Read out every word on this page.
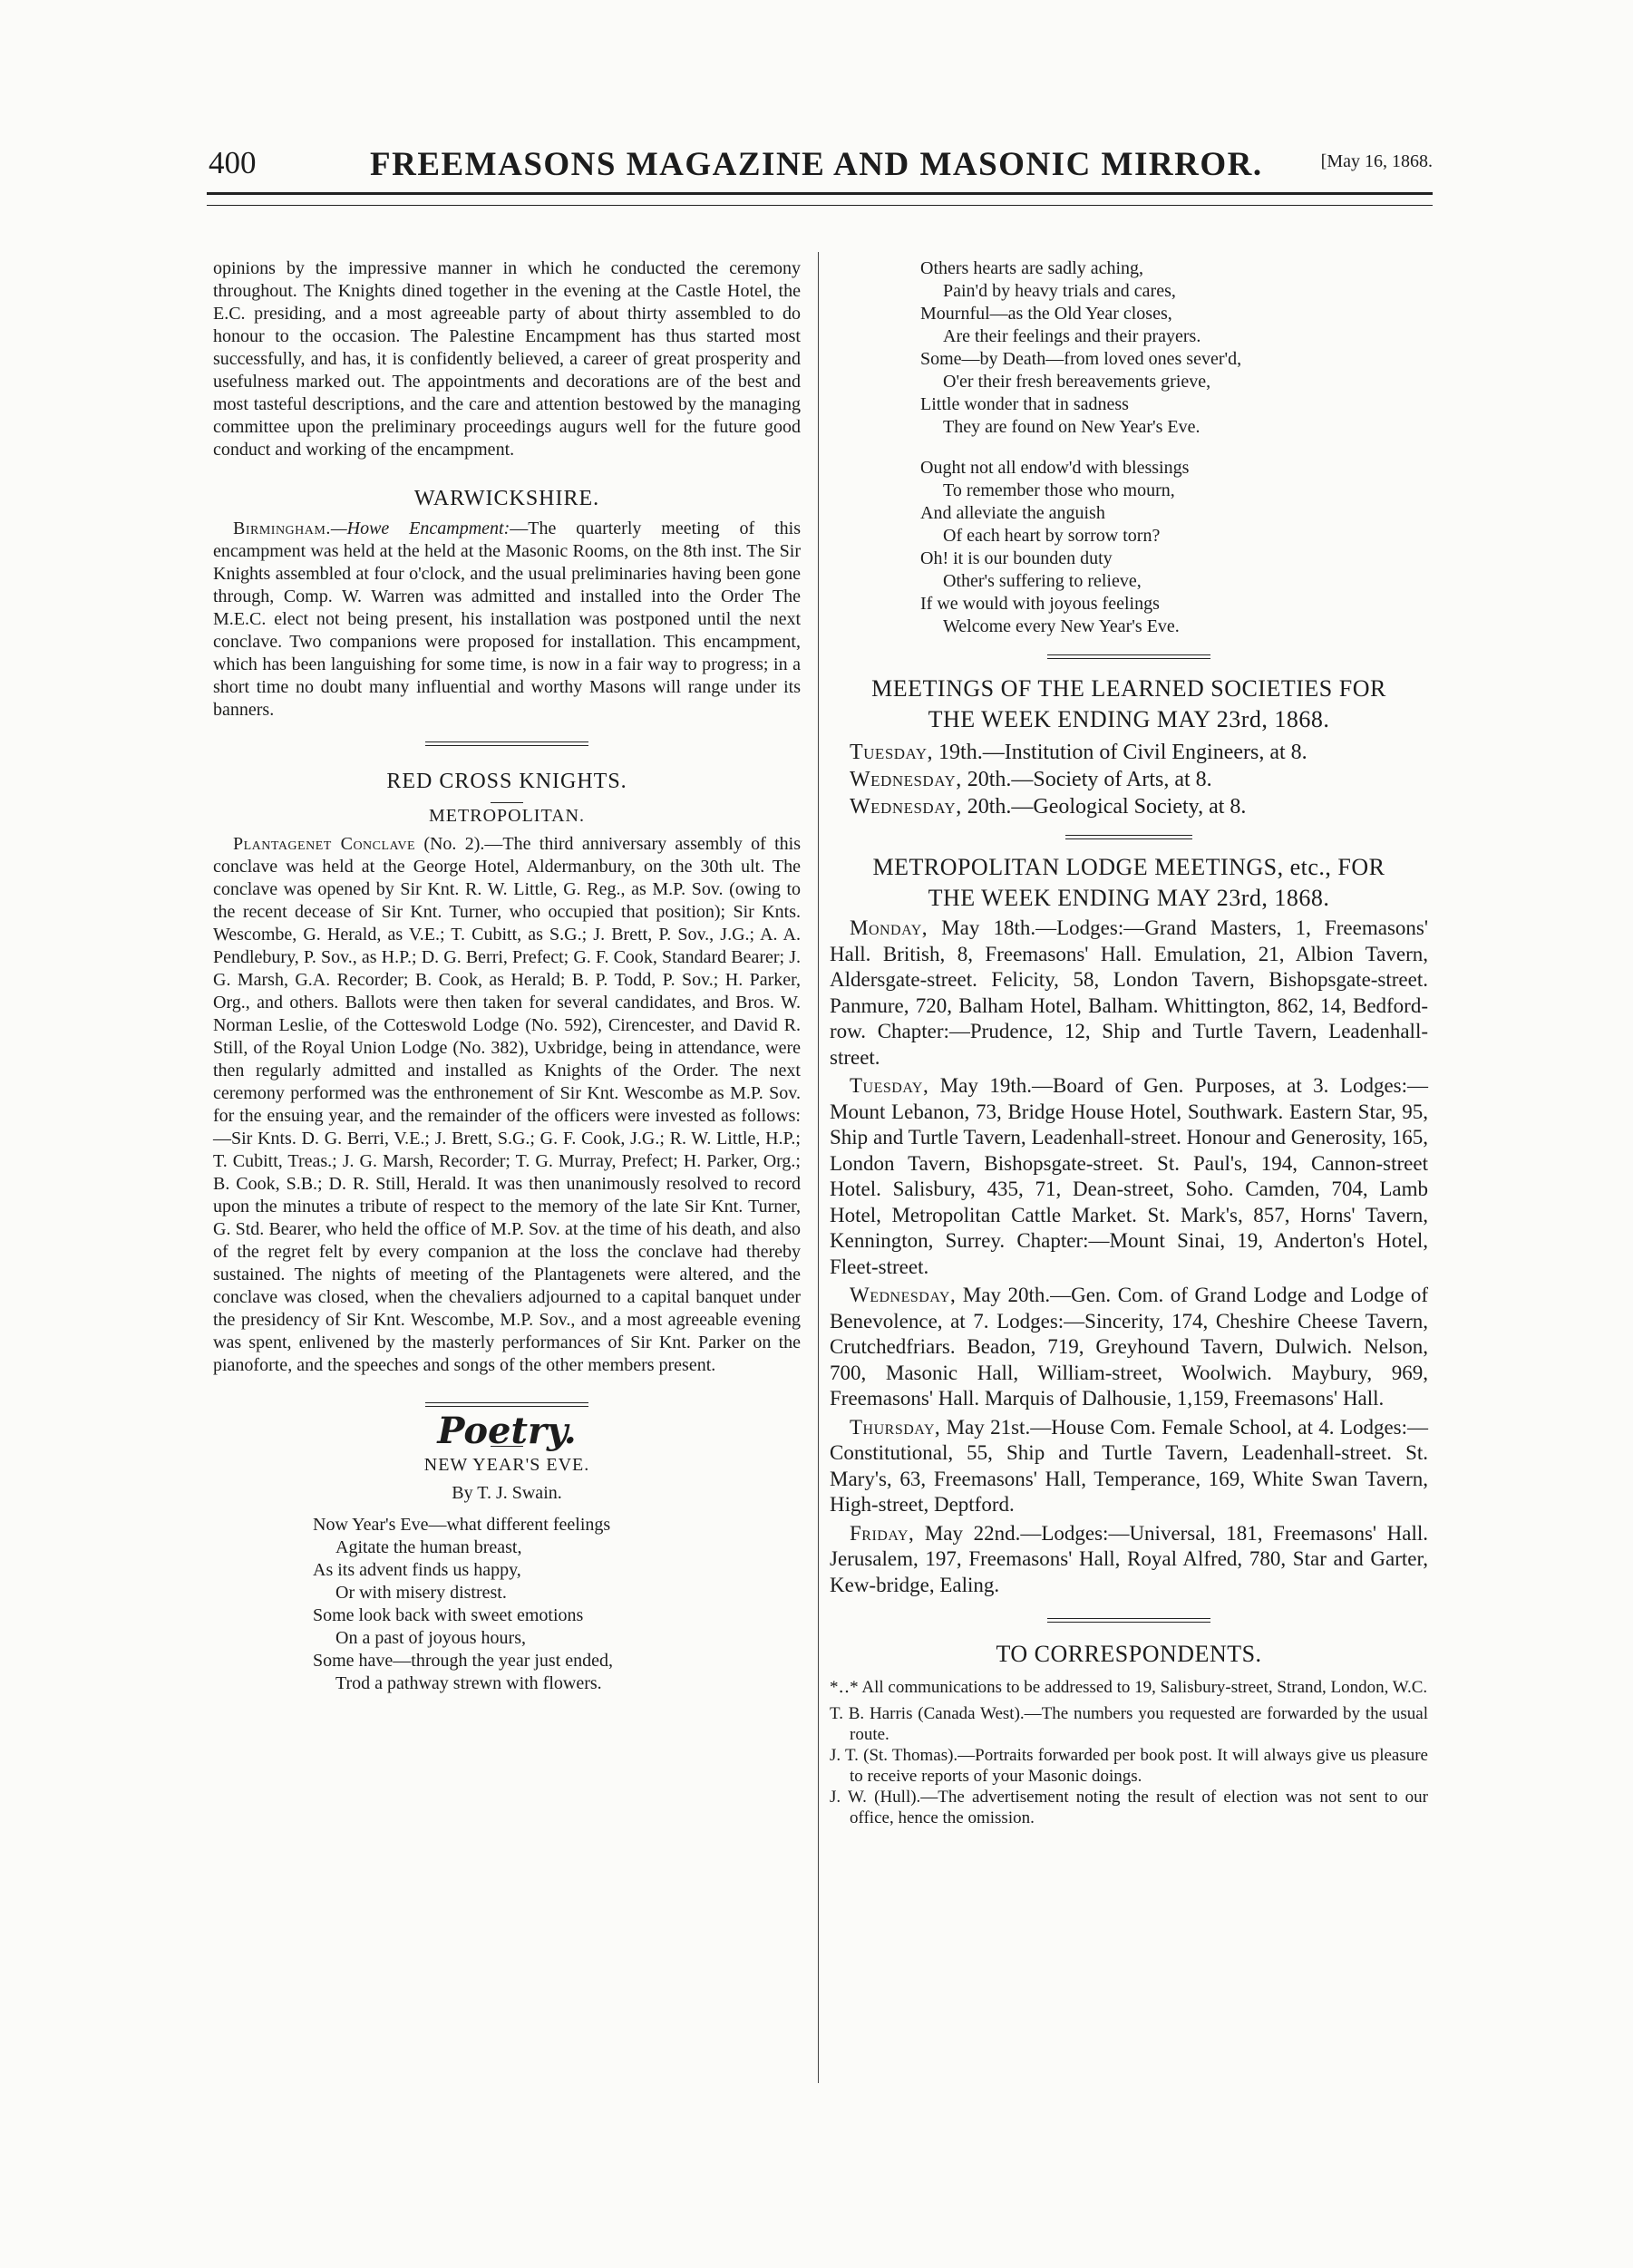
400	FREEMASONS MAGAZINE AND MASONIC MIRROR.	[May 16, 1868.

opinions by the impressive manner in which he conducted the ceremony throughout. The Knights dined together in the evening at the Castle Hotel, the E.C. presiding, and a most agreeable party of about thirty assembled to do honour to the occasion. The Palestine Encampment has thus started most successfully, and has, it is confidently believed, a career of great prosperity and usefulness marked out. The appointments and decorations are of the best and most tasteful descriptions, and the care and attention bestowed by the managing committee upon the preliminary proceedings augurs well for the future good conduct and working of the encampment.

WARWICKSHIRE.

Birmingham.—Howe Encampment:—The quarterly meeting of this encampment was held at the held at the Masonic Rooms, on the 8th inst. The Sir Knights assembled at four o'clock, and the usual preliminaries having been gone through, Comp. W. Warren was admitted and installed into the Order The M.E.C. elect not being present, his installation was postponed until the next conclave. Two companions were proposed for installation. This encampment, which has been languishing for some time, is now in a fair way to progress; in a short time no doubt many influential and worthy Masons will range under its banners.

RED CROSS KNIGHTS.

METROPOLITAN.

Plantagenet Conclave (No. 2).—The third anniversary assembly of this conclave was held at the George Hotel, Aldermanbury, on the 30th ult. The conclave was opened by Sir Knt. R. W. Little, G. Reg., as M.P. Sov. (owing to the recent decease of Sir Knt. Turner, who occupied that position); Sir Knts. Wescombe, G. Herald, as V.E.; T. Cubitt, as S.G.; J. Brett, P. Sov., J.G.; A. A. Pendlebury, P. Sov., as H.P.; D. G. Berri, Prefect; G. F. Cook, Standard Bearer; J. G. Marsh, G.A. Recorder; B. Cook, as Herald; B. P. Todd, P. Sov.; H. Parker, Org., and others. Ballots were then taken for several candidates, and Bros. W. Norman Leslie, of the Cotteswold Lodge (No. 592), Cirencester, and David R. Still, of the Royal Union Lodge (No. 382), Uxbridge, being in attendance, were then regularly admitted and installed as Knights of the Order. The next ceremony performed was the enthronement of Sir Knt. Wescombe as M.P. Sov. for the ensuing year, and the remainder of the officers were invested as follows:—Sir Knts. D. G. Berri, V.E.; J. Brett, S.G.; G. F. Cook, J.G.; R. W. Little, H.P.; T. Cubitt, Treas.; J. G. Marsh, Recorder; T. G. Murray, Prefect; H. Parker, Org.; B. Cook, S.B.; D. R. Still, Herald. It was then unanimously resolved to record upon the minutes a tribute of respect to the memory of the late Sir Knt. Turner, G. Std. Bearer, who held the office of M.P. Sov. at the time of his death, and also of the regret felt by every companion at the loss the conclave had thereby sustained. The nights of meeting of the Plantagenets were altered, and the conclave was closed, when the chevaliers adjourned to a capital banquet under the presidency of Sir Knt. Wescombe, M.P. Sov., and a most agreeable evening was spent, enlivened by the masterly performances of Sir Knt. Parker on the pianoforte, and the speeches and songs of the other members present.

Poetry.

NEW YEAR'S EVE.

By T. J. Swain.

Now Year's Eve—what different feelings

Agitate the human breast,

As its advent finds us happy,

Or with misery distrest.

Some look back with sweet emotions

On a past of joyous hours,

Some have—through the year just ended,

Trod a pathway strewn with flowers.

Others hearts are sadly aching,

Pain'd by heavy trials and cares,

Mournful—as the Old Year closes,

Are their feelings and their prayers.

Some—by Death—from loved ones sever'd,

O'er their fresh bereavements grieve,

Little wonder that in sadness

They are found on New Year's Eve.

Ought not all endow'd with blessings

To remember those who mourn,

And alleviate the anguish

Of each heart by sorrow torn?

Oh! it is our bounden duty

Other's suffering to relieve,

If we would with joyous feelings

Welcome every New Year's Eve.

MEETINGS OF THE LEARNED SOCIETIES FOR

THE WEEK ENDING MAY 23rd, 1868.

Tuesday, 19th.—Institution of Civil Engineers, at 8.

Wednesday, 20th.—Society of Arts, at 8.

Wednesday, 20th.—Geological Society, at 8.

METROPOLITAN LODGE MEETINGS, etc., FOR

THE WEEK ENDING MAY 23rd, 1868.

Monday, May 18th.—Lodges:—Grand Masters, 1, Freemasons' Hall. British, 8, Freemasons' Hall. Emulation, 21, Albion Tavern, Aldersgate-street. Felicity, 58, London Tavern, Bishopsgate-street. Panmure, 720, Balham Hotel, Balham. Whittington, 862, 14, Bedford-row. Chapter:—Prudence, 12, Ship and Turtle Tavern, Leadenhall-street.

Tuesday, May 19th.—Board of Gen. Purposes, at 3. Lodges:—Mount Lebanon, 73, Bridge House Hotel, Southwark. Eastern Star, 95, Ship and Turtle Tavern, Leadenhall-street. Honour and Generosity, 165, London Tavern, Bishopsgate-street. St. Paul's, 194, Cannon-street Hotel. Salisbury, 435, 71, Dean-street, Soho. Camden, 704, Lamb Hotel, Metropolitan Cattle Market. St. Mark's, 857, Horns' Tavern, Kennington, Surrey. Chapter:—Mount Sinai, 19, Anderton's Hotel, Fleet-street.

Wednesday, May 20th.—Gen. Com. of Grand Lodge and Lodge of Benevolence, at 7. Lodges:—Sincerity, 174, Cheshire Cheese Tavern, Crutchedfriars. Beadon, 719, Greyhound Tavern, Dulwich. Nelson, 700, Masonic Hall, William-street, Woolwich. Maybury, 969, Freemasons' Hall. Marquis of Dalhousie, 1,159, Freemasons' Hall.

Thursday, May 21st.—House Com. Female School, at 4. Lodges:—Constitutional, 55, Ship and Turtle Tavern, Leadenhall-street. St. Mary's, 63, Freemasons' Hall, Temperance, 169, White Swan Tavern, High-street, Deptford.

Friday, May 22nd.—Lodges:—Universal, 181, Freemasons' Hall. Jerusalem, 197, Freemasons' Hall, Royal Alfred, 780, Star and Garter, Kew-bridge, Ealing.

TO CORRESPONDENTS.

*‥* All communications to be addressed to 19, Salisbury-street, Strand, London, W.C.

T. B. Harris (Canada West).—The numbers you requested are forwarded by the usual route.

J. T. (St. Thomas).—Portraits forwarded per book post. It will always give us pleasure to receive reports of your Masonic doings.

J. W. (Hull).—The advertisement noting the result of election was not sent to our office, hence the omission.
